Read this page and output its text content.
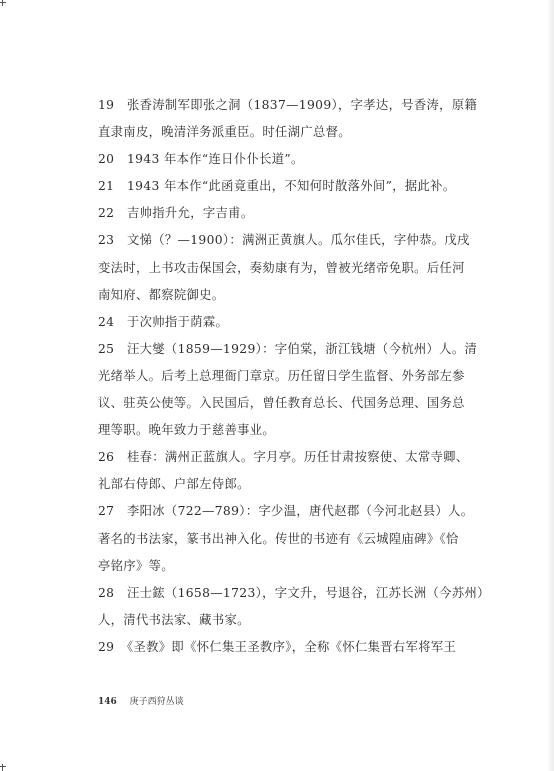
19　张香涛制军即张之洞（1837—1909），字孝达，号香涛，原籍
直隶南皮，晚清洋务派重臣。时任湖广总督。
20　1943 年本作“连日仆仆长道”。
21　1943 年本作“此函竟重出，不知何时散落外间”，据此补。
22　吉帅指升允，字吉甫。
23　文悌（？—1900）：满洲正黄旗人。瓜尔佳氏，字仲恭。戊戌
变法时，上书攻击保国会，奏劾康有为，曾被光绪帝免职。后任河
南知府、都察院御史。
24　于次帅指于荫霖。
25　汪大燮（1859—1929）：字伯棠，浙江钱塘（今杭州）人。清
光绪举人。后考上总理衙门章京。历任留日学生监督、外务部左参
议、驻英公使等。入民国后，曾任教育总长、代国务总理、国务总
理等职。晚年致力于慈善事业。
26　桂春：满州正蓝旗人。字月亭。历任甘肃按察使、太常寺卿、
礼部右侍郎、户部左侍郎。
27　李阳冰（722—789）：字少温，唐代赵郡（今河北赵县）人。
著名的书法家，篆书出神入化。传世的书迹有《云城隍庙碑》《恰
亭铭序》等。
28　汪士鋐（1658—1723），字文升，号退谷，江苏长洲（今苏州）
人，清代书法家、藏书家。
29　《圣教》即《怀仁集王圣教序》，全称《怀仁集晋右军将军王
146 庚子西狩丛谈
